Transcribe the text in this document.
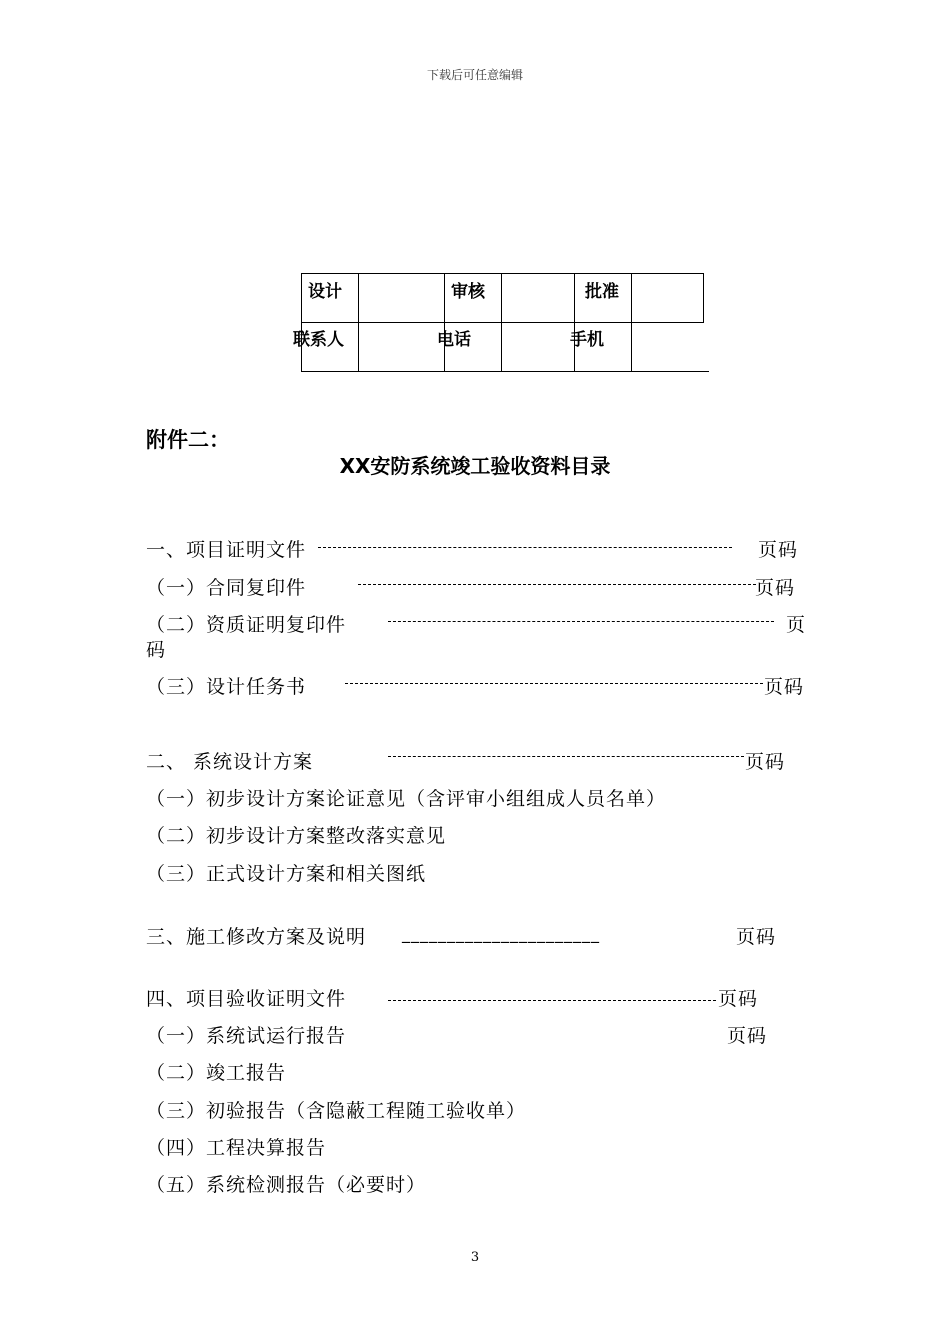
下载后可任意编辑
设计	审核	批准
联系人	电话	手机
附件二：
XX安防系统竣工验收资料目录
一、项目证明文件	页码
（一）合同复印件	页码
（二）资质证明复印件	页
码
（三）设计任务书	页码
二、 系统设计方案	页码
（一）初步设计方案论证意见（含评审小组组成人员名单）
（二）初步设计方案整改落实意见
（三）正式设计方案和相关图纸
三、施工修改方案及说明 ______________________	页码
四、项目验收证明文件	页码
（一）系统试运行报告	页码
（二）竣工报告
（三）初验报告（含隐蔽工程随工验收单）
（四）工程决算报告
（五）系统检测报告（必要时）
3
